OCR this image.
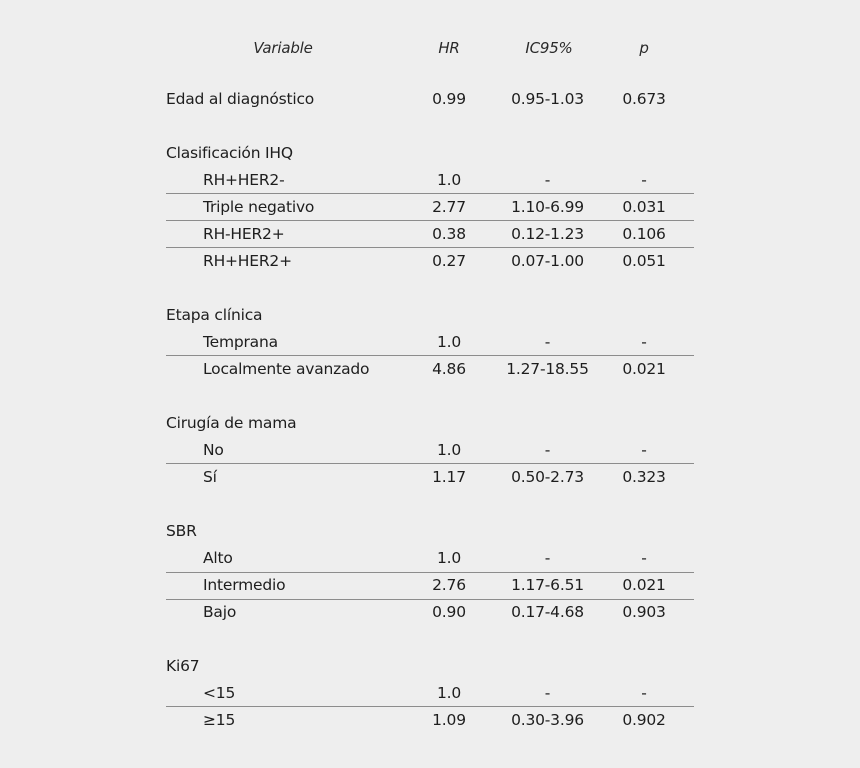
Variable	HR	IC95%	p
Edad al diagnóstico	0.99	0.95-1.03	0.673
Clasificación IHQ
RH+HER2-	1.0	-	-
Triple negativo	2.77	1.10-6.99	0.031
RH-HER2+	0.38	0.12-1.23	0.106
RH+HER2+	0.27	0.07-1.00	0.051
Etapa clínica
Temprana	1.0	-	-
Localmente avanzado	4.86	1.27-18.55	0.021
Cirugía de mama
No	1.0	-	-
Sí	1.17	0.50-2.73	0.323
SBR
Alto	1.0	-	-
Intermedio	2.76	1.17-6.51	0.021
Bajo	0.90	0.17-4.68	0.903
Ki67
<15	1.0	-	-
≥15	1.09	0.30-3.96	0.902
